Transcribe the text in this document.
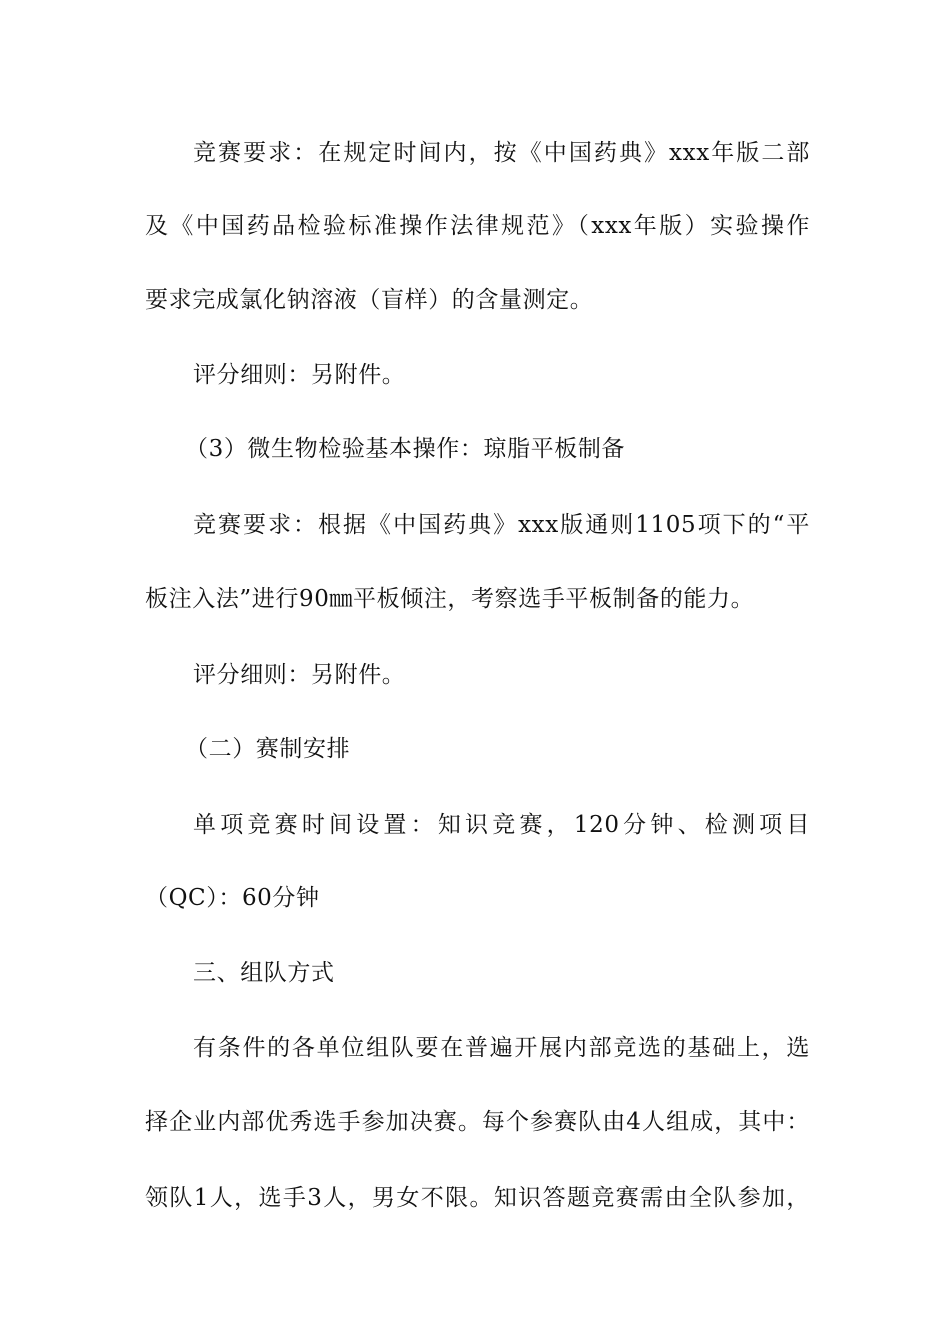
竞赛要求：在规定时间内，按《中国药典》xxx年版二部
及《中国药品检验标准操作法律规范》（xxx年版）实验操作
要求完成氯化钠溶液（盲样）的含量测定。
评分细则：另附件。
（3）微生物检验基本操作：琼脂平板制备
竞赛要求：根据《中国药典》xxx版通则1105项下的“平
板注入法”进行90㎜平板倾注，考察选手平板制备的能力。
评分细则：另附件。
（二）赛制安排
单项竞赛时间设置：知识竞赛，120分钟、检测项目
（QC）：60分钟
三、组队方式
有条件的各单位组队要在普遍开展内部竞选的基础上，选
择企业内部优秀选手参加决赛。每个参赛队由4人组成，其中：
领队1人，选手3人，男女不限。知识答题竞赛需由全队参加，
